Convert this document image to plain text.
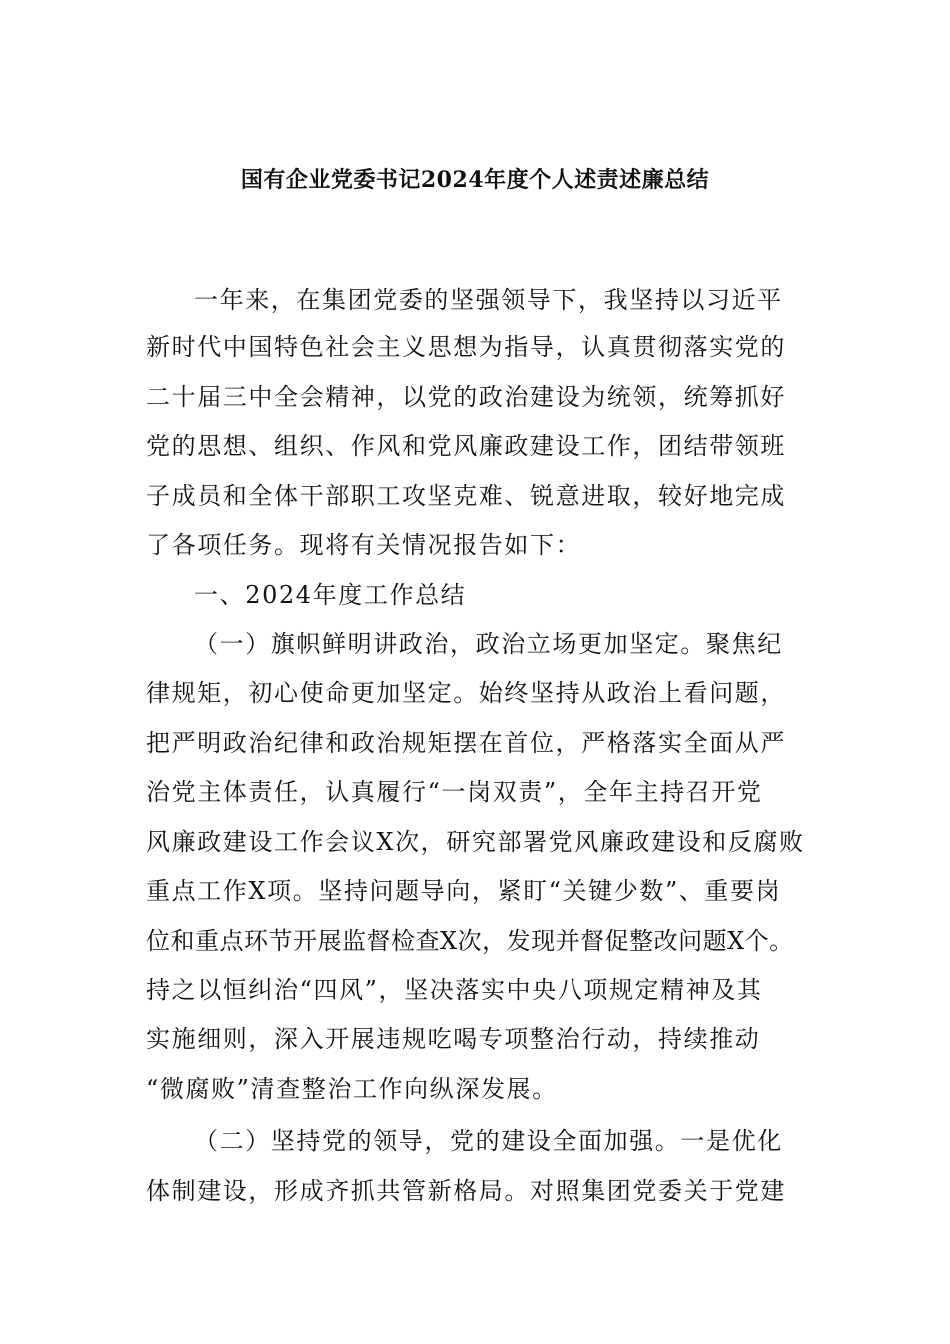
国有企业党委书记2024年度个人述责述廉总结
一年来，在集团党委的坚强领导下，我坚持以习近平
新时代中国特色社会主义思想为指导，认真贯彻落实党的
二十届三中全会精神，以党的政治建设为统领，统筹抓好
党的思想、组织、作风和党风廉政建设工作，团结带领班
子成员和全体干部职工攻坚克难、锐意进取，较好地完成
了各项任务。现将有关情况报告如下：
一、2024年度工作总结
（一）旗帜鲜明讲政治，政治立场更加坚定。聚焦纪
律规矩，初心使命更加坚定。始终坚持从政治上看问题，
把严明政治纪律和政治规矩摆在首位，严格落实全面从严
治党主体责任，认真履行“一岗双责”，全年主持召开党
风廉政建设工作会议X次，研究部署党风廉政建设和反腐败
重点工作X项。坚持问题导向，紧盯“关键少数”、重要岗
位和重点环节开展监督检查X次，发现并督促整改问题X个。
持之以恒纠治“四风”，坚决落实中央八项规定精神及其
实施细则，深入开展违规吃喝专项整治行动，持续推动
“微腐败”清查整治工作向纵深发展。
（二）坚持党的领导，党的建设全面加强。一是优化
体制建设，形成齐抓共管新格局。对照集团党委关于党建
